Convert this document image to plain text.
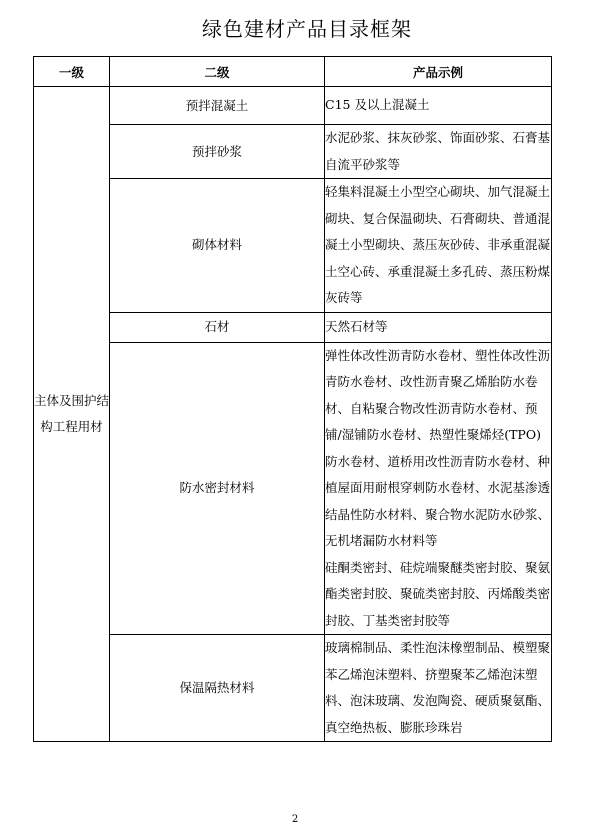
绿色建材产品目录框架
一级	二级	产品示例
主体及围护结构工程用材	预拌混凝土	C15 及以上混凝土

	预拌砂浆	水泥砂浆、抹灰砂浆、饰面砂浆、石膏基自流平砂浆等

	砌体材料	轻集料混凝土小型空心砌块、加气混凝土砌块、复合保温砌块、石膏砌块、普通混凝土小型砌块、蒸压灰砂砖、非承重混凝土空心砖、承重混凝土多孔砖、蒸压粉煤灰砖等

	石材	天然石材等

	防水密封材料	弹性体改性沥青防水卷材、塑性体改性沥青防水卷材、改性沥青聚乙烯胎防水卷材、自粘聚合物改性沥青防水卷材、预铺/湿铺防水卷材、热塑性聚烯烃(TPO)防水卷材、道桥用改性沥青防水卷材、种植屋面用耐根穿刺防水卷材、水泥基渗透结晶性防水材料、聚合物水泥防水砂浆、无机堵漏防水材料等
硅酮类密封、硅烷端聚醚类密封胶、聚氨酯类密封胶、聚硫类密封胶、丙烯酸类密封胶、丁基类密封胶等

	保温隔热材料	玻璃棉制品、柔性泡沫橡塑制品、模塑聚苯乙烯泡沫塑料、挤塑聚苯乙烯泡沫塑料、泡沫玻璃、发泡陶瓷、硬质聚氨酯、真空绝热板、膨胀珍珠岩
2
